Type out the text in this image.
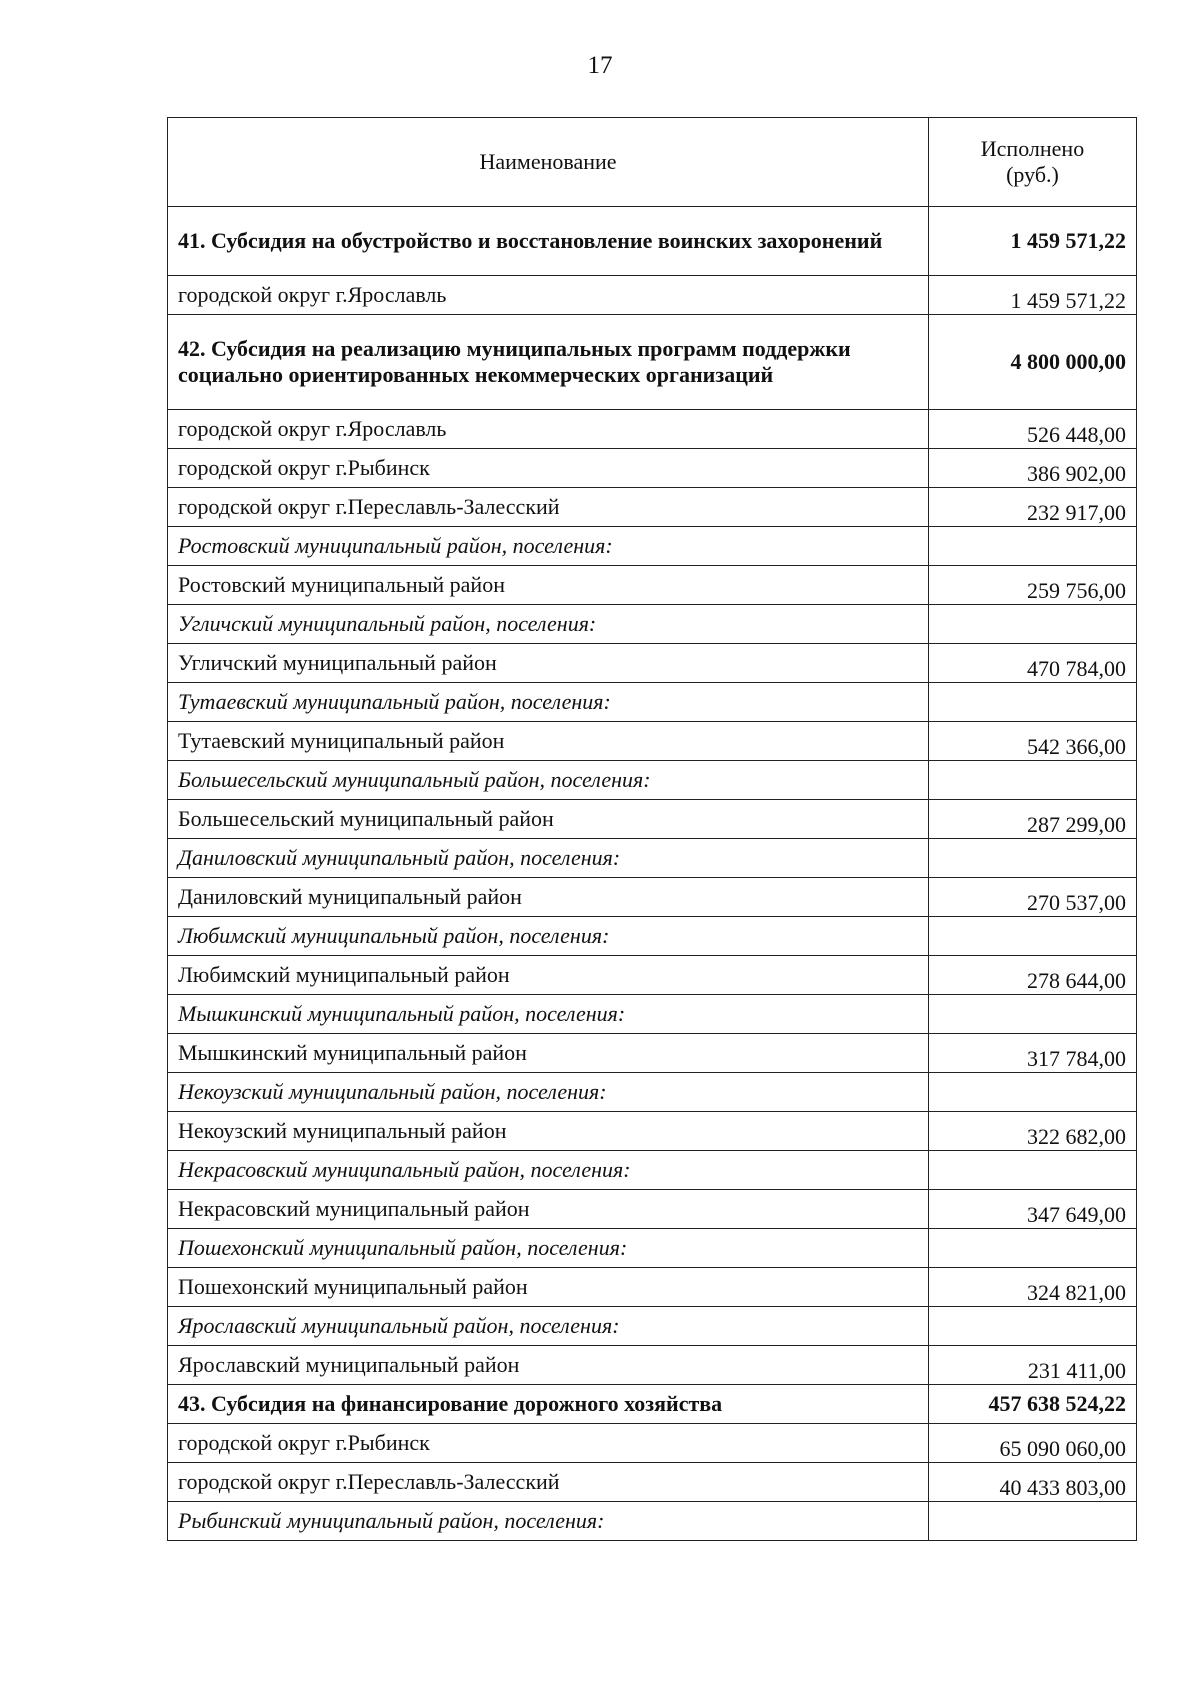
17
Наименование	Исполнено
(руб.)

41. Субсидия на обустройство и восстановление воинских захоронений	1 459 571,22
городской округ г.Ярославль	1 459 571,22
42. Субсидия на реализацию муниципальных программ поддержки социально ориентированных некоммерческих организаций	4 800 000,00
городской округ г.Ярославль	526 448,00
городской округ г.Рыбинск	386 902,00
городской округ г.Переславль-Залесский	232 917,00
Ростовский муниципальный район, поселения:	
Ростовский муниципальный район	259 756,00
Угличский муниципальный район, поселения:	
Угличский муниципальный район	470 784,00
Тутаевский муниципальный район, поселения:	
Тутаевский муниципальный район	542 366,00
Большесельский муниципальный район, поселения:	
Большесельский муниципальный район	287 299,00
Даниловский муниципальный район, поселения:	
Даниловский муниципальный район	270 537,00
Любимский муниципальный район, поселения:	
Любимский муниципальный район	278 644,00
Мышкинский муниципальный район, поселения:	
Мышкинский муниципальный район	317 784,00
Некоузский муниципальный район, поселения:	
Некоузский муниципальный район	322 682,00
Некрасовский муниципальный район, поселения:	
Некрасовский муниципальный район	347 649,00
Пошехонский муниципальный район, поселения:	
Пошехонский муниципальный район	324 821,00
Ярославский муниципальный район, поселения:	
Ярославский муниципальный район	231 411,00
43. Субсидия на финансирование дорожного хозяйства	457 638 524,22
городской округ г.Рыбинск	65 090 060,00
городской округ г.Переславль-Залесский	40 433 803,00
Рыбинский муниципальный район, поселения:	
